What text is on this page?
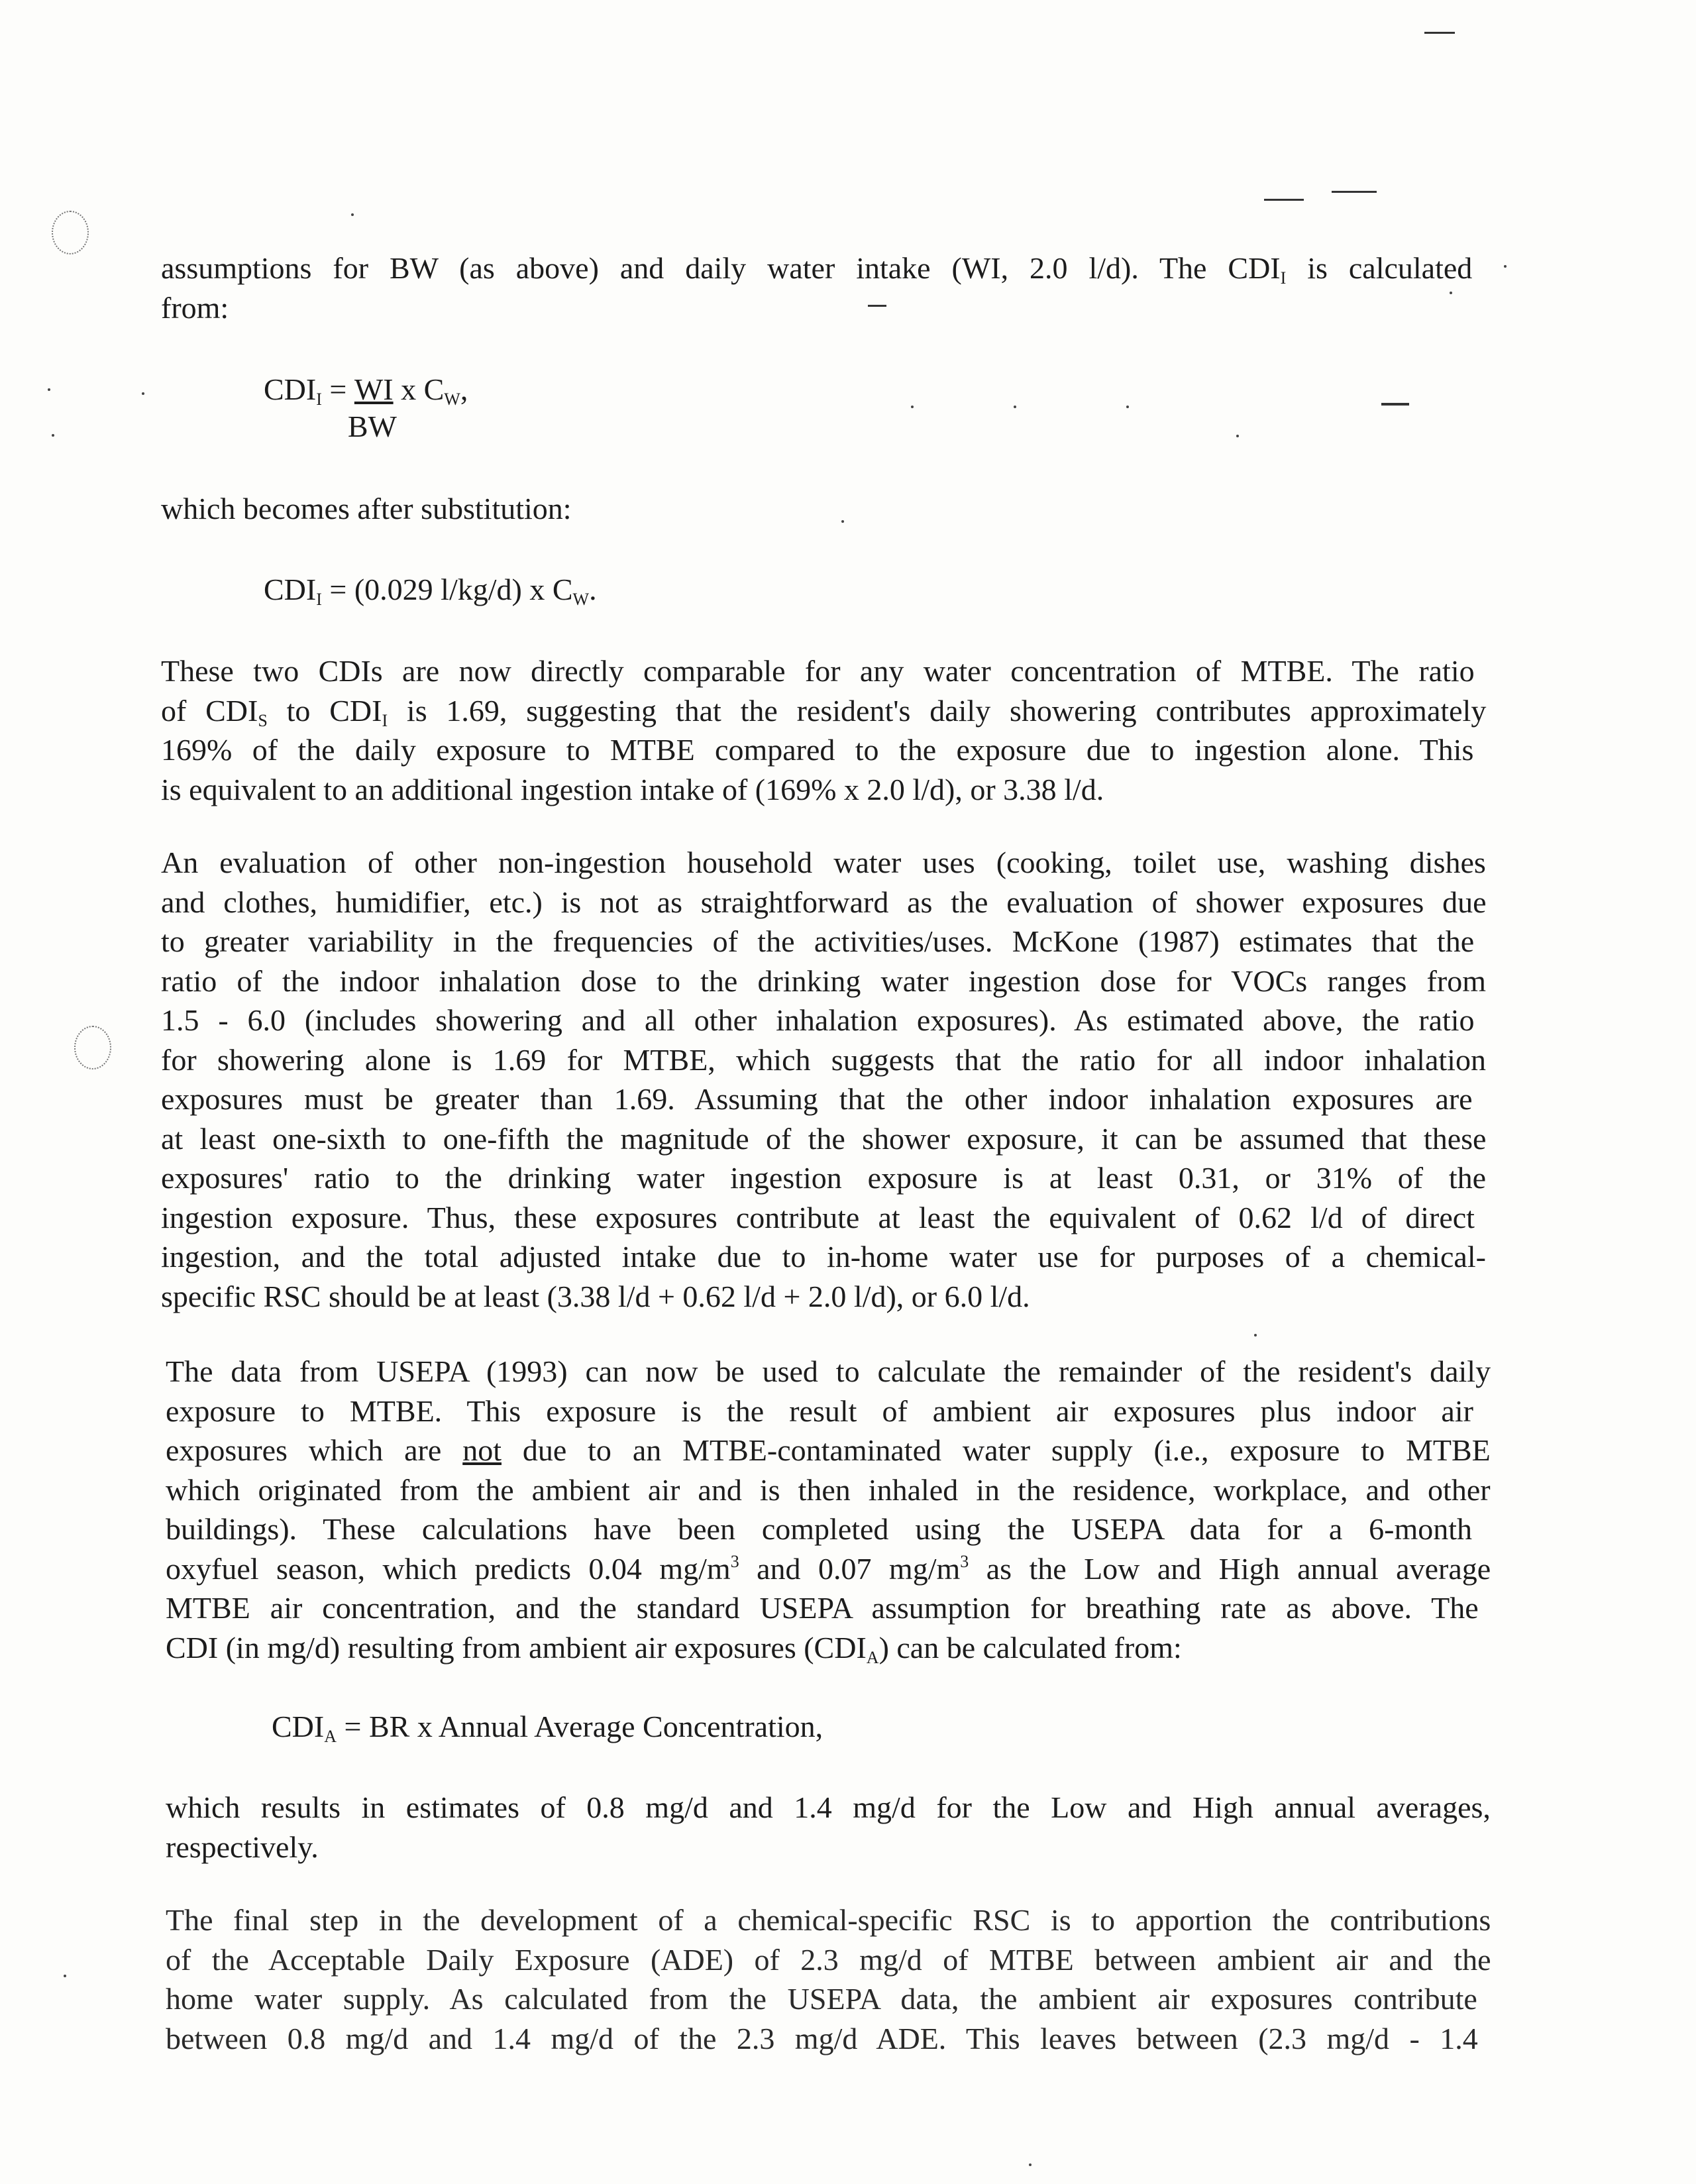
assumptions for BW (as above) and daily water intake (WI, 2.0 l/d). The $CDI_I$ is calculated
from:

$CDI_I = \frac{WI}{BW}$ x $C_W$,

which becomes after substitution:

$CDI_I = (0.029$ l/kg/d) x $C_W$.

These two CDIs are now directly comparable for any water concentration of MTBE. The ratio
of $CDI_S$ to $CDI_I$ is 1.69, suggesting that the resident's daily showering contributes approximately
169% of the daily exposure to MTBE compared to the exposure due to ingestion alone. This
is equivalent to an additional ingestion intake of (169% x 2.0 l/d), or 3.38 l/d.

An evaluation of other non-ingestion household water uses (cooking, toilet use, washing dishes
and clothes, humidifier, etc.) is not as straightforward as the evaluation of shower exposures due
to greater variability in the frequencies of the activities/uses. McKone (1987) estimates that the
ratio of the indoor inhalation dose to the drinking water ingestion dose for VOCs ranges from
1.5 - 6.0 (includes showering and all other inhalation exposures). As estimated above, the ratio
for showering alone is 1.69 for MTBE, which suggests that the ratio for all indoor inhalation
exposures must be greater than 1.69. Assuming that the other indoor inhalation exposures are
at least one-sixth to one-fifth the magnitude of the shower exposure, it can be assumed that these
exposures' ratio to the drinking water ingestion exposure is at least 0.31, or 31% of the
ingestion exposure. Thus, these exposures contribute at least the equivalent of 0.62 l/d of direct
ingestion, and the total adjusted intake due to in-home water use for purposes of a chemical-
specific RSC should be at least (3.38 l/d + 0.62 l/d + 2.0 l/d), or 6.0 l/d.

The data from USEPA (1993) can now be used to calculate the remainder of the resident's daily
exposure to MTBE. This exposure is the result of ambient air exposures plus indoor air
exposures which are not due to an MTBE-contaminated water supply (i.e., exposure to MTBE
which originated from the ambient air and is then inhaled in the residence, workplace, and other
buildings). These calculations have been completed using the USEPA data for a 6-month
oxyfuel season, which predicts 0.04 $mg/m^3$ and 0.07 $mg/m^3$ as the Low and High annual average
MTBE air concentration, and the standard USEPA assumption for breathing rate as above. The
CDI (in mg/d) resulting from ambient air exposures $(CDI_A)$ can be calculated from:

$CDI_A$ = BR x Annual Average Concentration,

which results in estimates of 0.8 mg/d and 1.4 mg/d for the Low and High annual averages,
respectively.

The final step in the development of a chemical-specific RSC is to apportion the contributions
of the Acceptable Daily Exposure (ADE) of 2.3 mg/d of MTBE between ambient air and the
home water supply. As calculated from the USEPA data, the ambient air exposures contribute
between 0.8 mg/d and 1.4 mg/d of the 2.3 mg/d ADE. This leaves between (2.3 mg/d - 1.4
